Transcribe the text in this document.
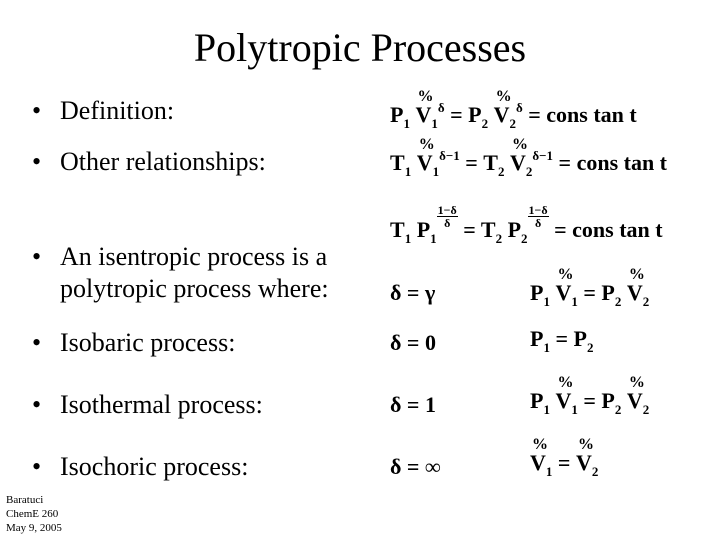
Polytropic Processes
• Definition:
• Other relationships:
• An isentropic process is a
polytropic process where:
• Isobaric process:
• Isothermal process:
• Isochoric process:
$P_1$ V
%
$_1^\delta = P_2$ V
%
$_2^\delta$ = cons tan t
$T_1$ V
%
$_1^{\delta-1} = T_2$ V
%
$_2^{\delta-1}$ = cons tan t
$T_1$ $P_1$
$\frac{1-\delta}{\delta}$
= $T_2$ $P_2$
$\frac{1-\delta}{\delta}$
= cons tan t
δ = γ	$P_1$ V
%
$_1 = P_2$ V
%
$_2$
δ = 0	$P_1 = P_2$
δ = 1	$P_1$ V
%
$_1 = P_2$ V
%
$_2$
δ = ∞	V
%
$_1$ = V
%
$_2$
Baratuci
ChemE 260
May 9, 2005
